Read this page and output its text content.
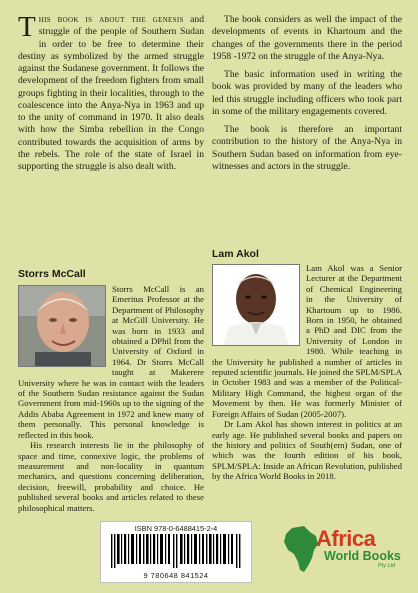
This book is about the genesis and struggle of the people of Southern Sudan in order to be free to determine their destiny as symbolized by the armed struggle against the Sudanese government. It follows the development of the freedom fighters from small groups fighting in their localities, through to the coalescence into the Anya-Nya in 1963 and up to the unity of command in 1970. It also deals with how the Simba rebellion in the Congo contributed towards the acquisition of arms by the rebels. The role of the state of Israel in supporting the struggle is also dealt with.

The book considers as well the impact of the developments of events in Khartoum and the changes of the governments there in the period 1958 -1972 on the struggle of the Anya-Nya.

The basic information used in writing the book was provided by many of the leaders who led this struggle including officers who took part in some of the military engagements covered.

The book is therefore an important contribution to the history of the Anya-Nya in Southern Sudan based on information from eye-witnesses and actors in the struggle.

Storrs McCall
Lam Akol

Storrs McCall is an Emeritus Professor at the Department of Philosophy at McGill University. He was born in 1933 and obtained a DPhil from the University of Oxford in 1964. Dr Storrs McCall taught at Makerere University where he was in contact with the leaders of the Southern Sudan resistance against the Sudan Government from mid-1960s up to the signing of the Addis Ababa Agreement in 1972 and knew many of them personally. This personal knowledge is reflected in this book.

His research interests lie in the philosophy of space and time, connexive logic, the problems of measurement and non-locality in quantum mechanics, and questions concerning deliberation, decision, freewill, probability and choice. He published several books and articles related to these philosophical matters.

Lam Akol was a Senior Lecturer at the Department of Chemical Engineering in the University of Khartoum up to 1986. Born in 1950, he obtained a PhD and DIC from the University of London in 1980. While teaching in the University he published a number of articles in reputed scientific journals. He joined the SPLM/SPLA in October 1983 and was a member of the Political-Military High Command, the highest organ of the Movement by then. He was formerly Minister of Foreign Affairs of Sudan (2005-2007).

Dr Lam Akol has shown interest in politics at an early age. He published several books and papers on the history and politics of South(ern) Sudan, one of which was the fourth edition of his book, SPLM/SPLA: Inside an African Revolution, published by the Africa World Books in 2018.

ISBN 978-0-6488415-2-4
9 780648 841524
Africa
World Books
Pty Ltd
